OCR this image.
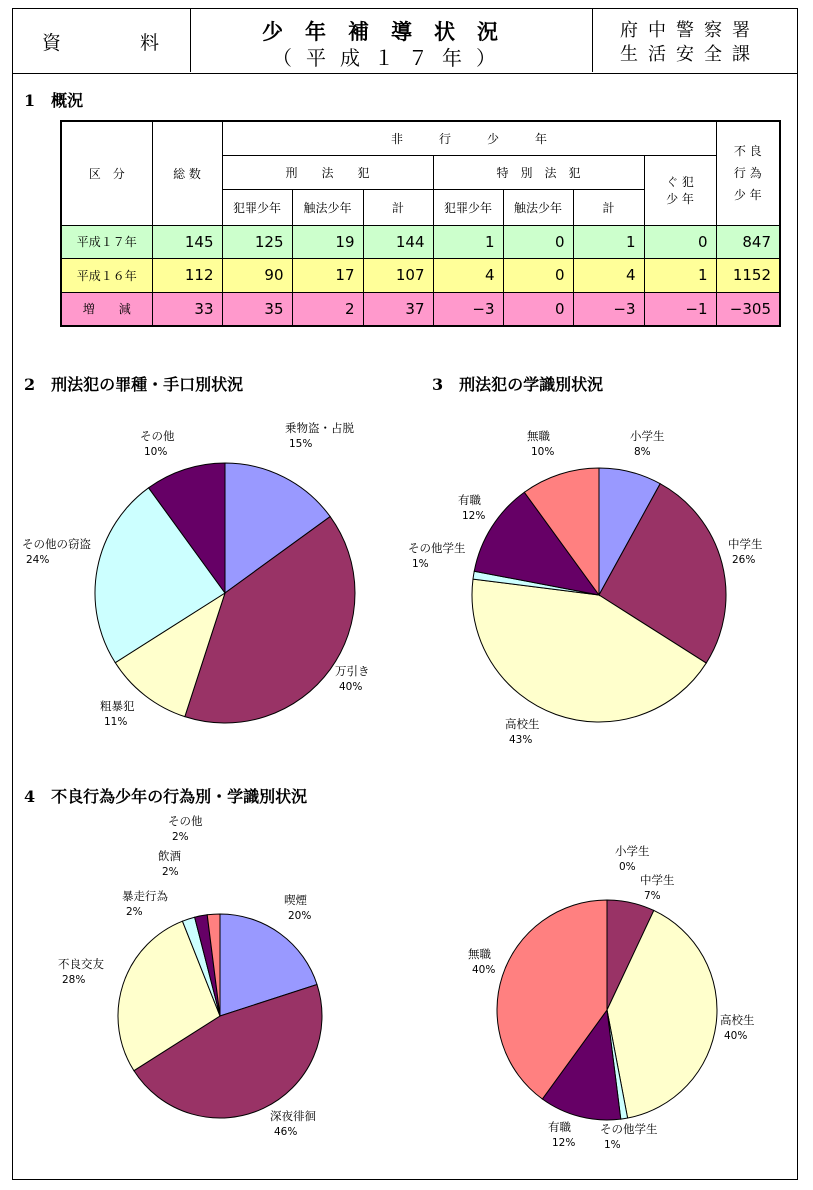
資	料	少年補導状況
（平成１７年）
府中警察署
生活安全課
1　概況
区　分	総 数	非　　　行　　　少　　　年							不 良
行 為
少 年
		刑　　法　　犯			特　別　法　犯			ぐ 犯
少 年	
		犯罪少年	触法少年	計	犯罪少年	触法少年	計		
平成１７年	145	125	19	144	1	0	1	0	847
平成１６年	112	90	17	107	4	0	4	1	1152
増　　減	33	35	2	37	−3	0	−3	−1	−305
2　刑法犯の罪種・手口別状況	3　刑法犯の学識別状況
4　不良行為少年の行為別・学識別状況
乗物盗・占脱
15%
万引き
40%
粗暴犯
11%
その他の窃盗
24%
その他
10%
小学生
8%
中学生
26%
高校生
43%
その他学生
1%
有職
12%
無職
10%
喫煙
20%
深夜徘徊
46%
不良交友
28%
暴走行為
2%
飲酒
2%
その他
2%
小学生
0%
中学生
7%
高校生
40%
その他学生
1%
有職
12%
無職
40%
